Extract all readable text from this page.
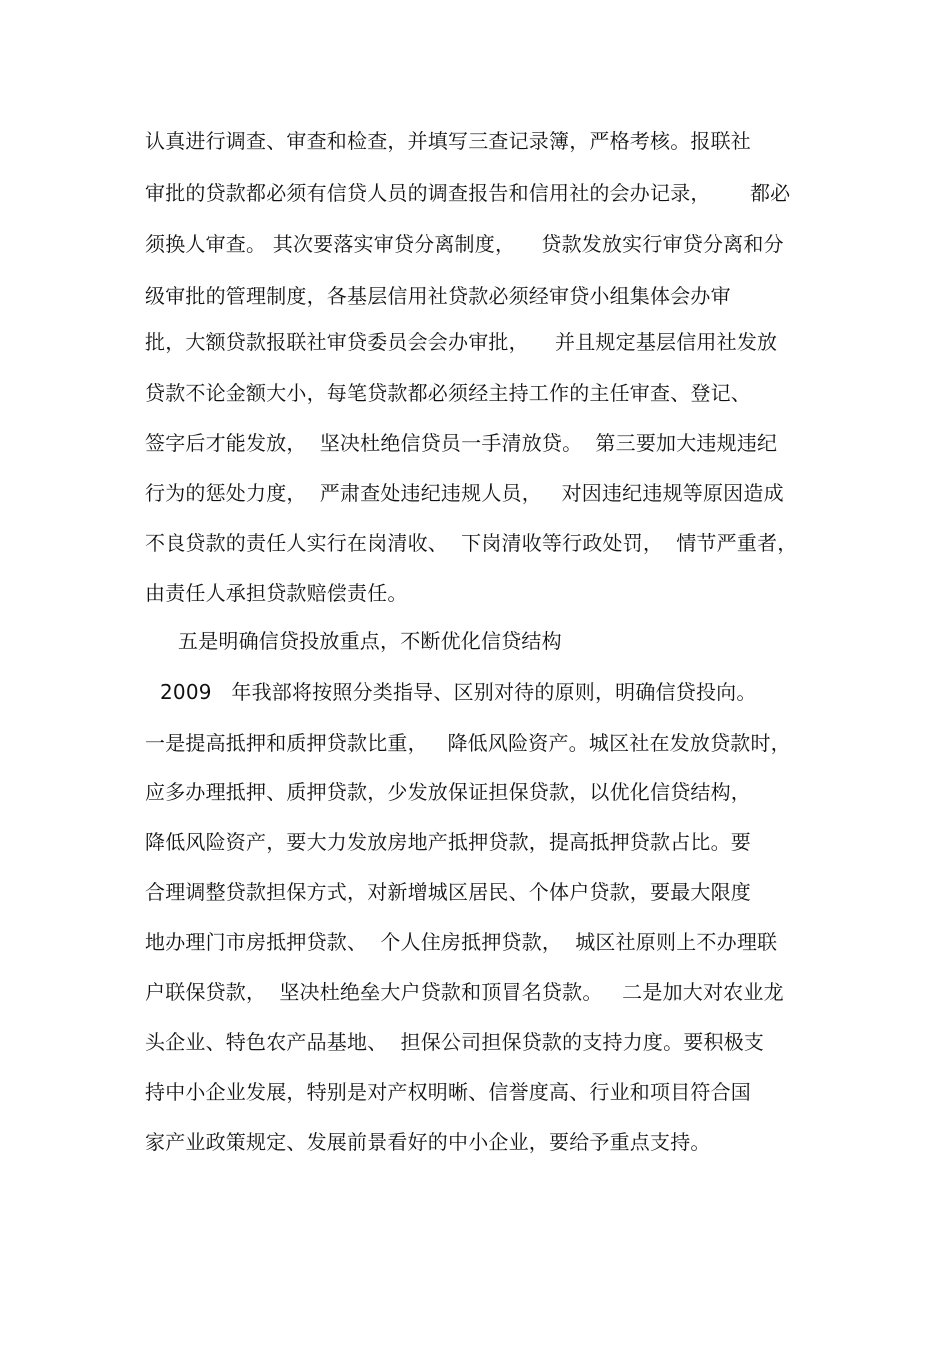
认真进行调查、审查和检查，并填写三查记录簿，严格考核。报联社
审批的贷款都必须有信贷人员的调查报告和信用社的会办记录，      都必
须换人审查。 其次要落实审贷分离制度，    贷款发放实行审贷分离和分
级审批的管理制度，各基层信用社贷款必须经审贷小组集体会办审
批，大额贷款报联社审贷委员会会办审批，    并且规定基层信用社发放
贷款不论金额大小，每笔贷款都必须经主持工作的主任审查、登记、
签字后才能发放，  坚决杜绝信贷员一手清放贷。  第三要加大违规违纪
行为的惩处力度，  严肃查处违纪违规人员，   对因违纪违规等原因造成
不良贷款的责任人实行在岗清收、  下岗清收等行政处罚，  情节严重者，
由责任人承担贷款赔偿责任。
五是明确信贷投放重点，不断优化信贷结构
2009   年我部将按照分类指导、区别对待的原则，明确信贷投向。
一是提高抵押和质押贷款比重，   降低风险资产。城区社在发放贷款时，
应多办理抵押、质押贷款，少发放保证担保贷款，以优化信贷结构，
降低风险资产，要大力发放房地产抵押贷款，提高抵押贷款占比。要
合理调整贷款担保方式，对新增城区居民、个体户贷款，要最大限度
地办理门市房抵押贷款、  个人住房抵押贷款，  城区社原则上不办理联
户联保贷款，  坚决杜绝垒大户贷款和顶冒名贷款。   二是加大对农业龙
头企业、特色农产品基地、  担保公司担保贷款的支持力度。要积极支
持中小企业发展，特别是对产权明晰、信誉度高、行业和项目符合国
家产业政策规定、发展前景看好的中小企业，要给予重点支持。
